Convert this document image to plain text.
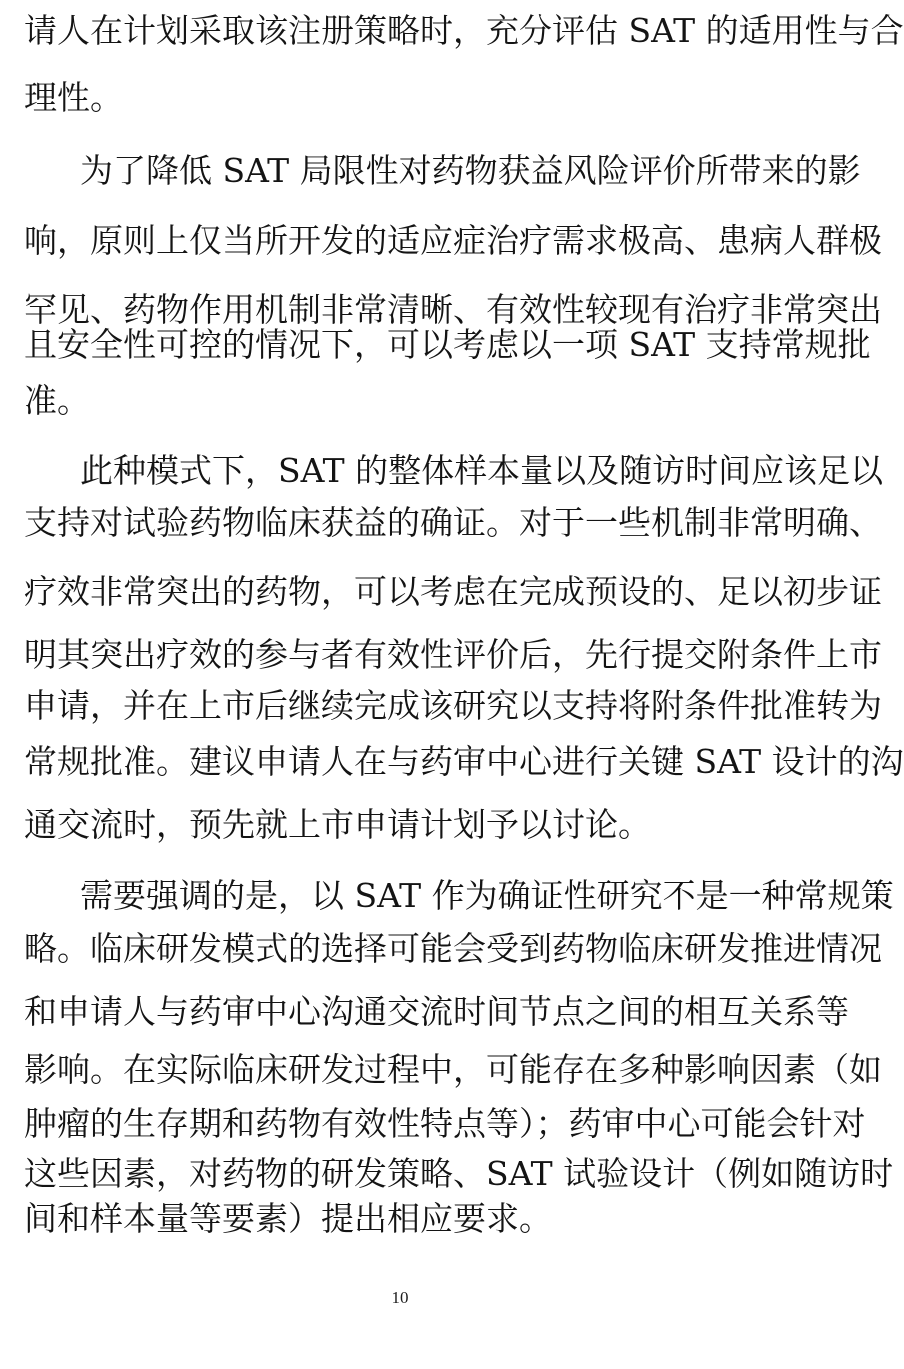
请人在计划采取该注册策略时，充分评估 SAT 的适用性与合
理性。
为了降低 SAT 局限性对药物获益风险评价所带来的影
响，原则上仅当所开发的适应症治疗需求极高、患病人群极
罕见、药物作用机制非常清晰、有效性较现有治疗非常突出
且安全性可控的情况下，可以考虑以一项 SAT 支持常规批
准。
此种模式下，SAT 的整体样本量以及随访时间应该足以
支持对试验药物临床获益的确证。对于一些机制非常明确、
疗效非常突出的药物，可以考虑在完成预设的、足以初步证
明其突出疗效的参与者有效性评价后，先行提交附条件上市
申请，并在上市后继续完成该研究以支持将附条件批准转为
常规批准。建议申请人在与药审中心进行关键 SAT 设计的沟
通交流时，预先就上市申请计划予以讨论。
需要强调的是，以 SAT 作为确证性研究不是一种常规策
略。临床研发模式的选择可能会受到药物临床研发推进情况
和申请人与药审中心沟通交流时间节点之间的相互关系等
影响。在实际临床研发过程中，可能存在多种影响因素（如
肿瘤的生存期和药物有效性特点等）；药审中心可能会针对
这些因素，对药物的研发策略、SAT 试验设计（例如随访时
间和样本量等要素）提出相应要求。
10
